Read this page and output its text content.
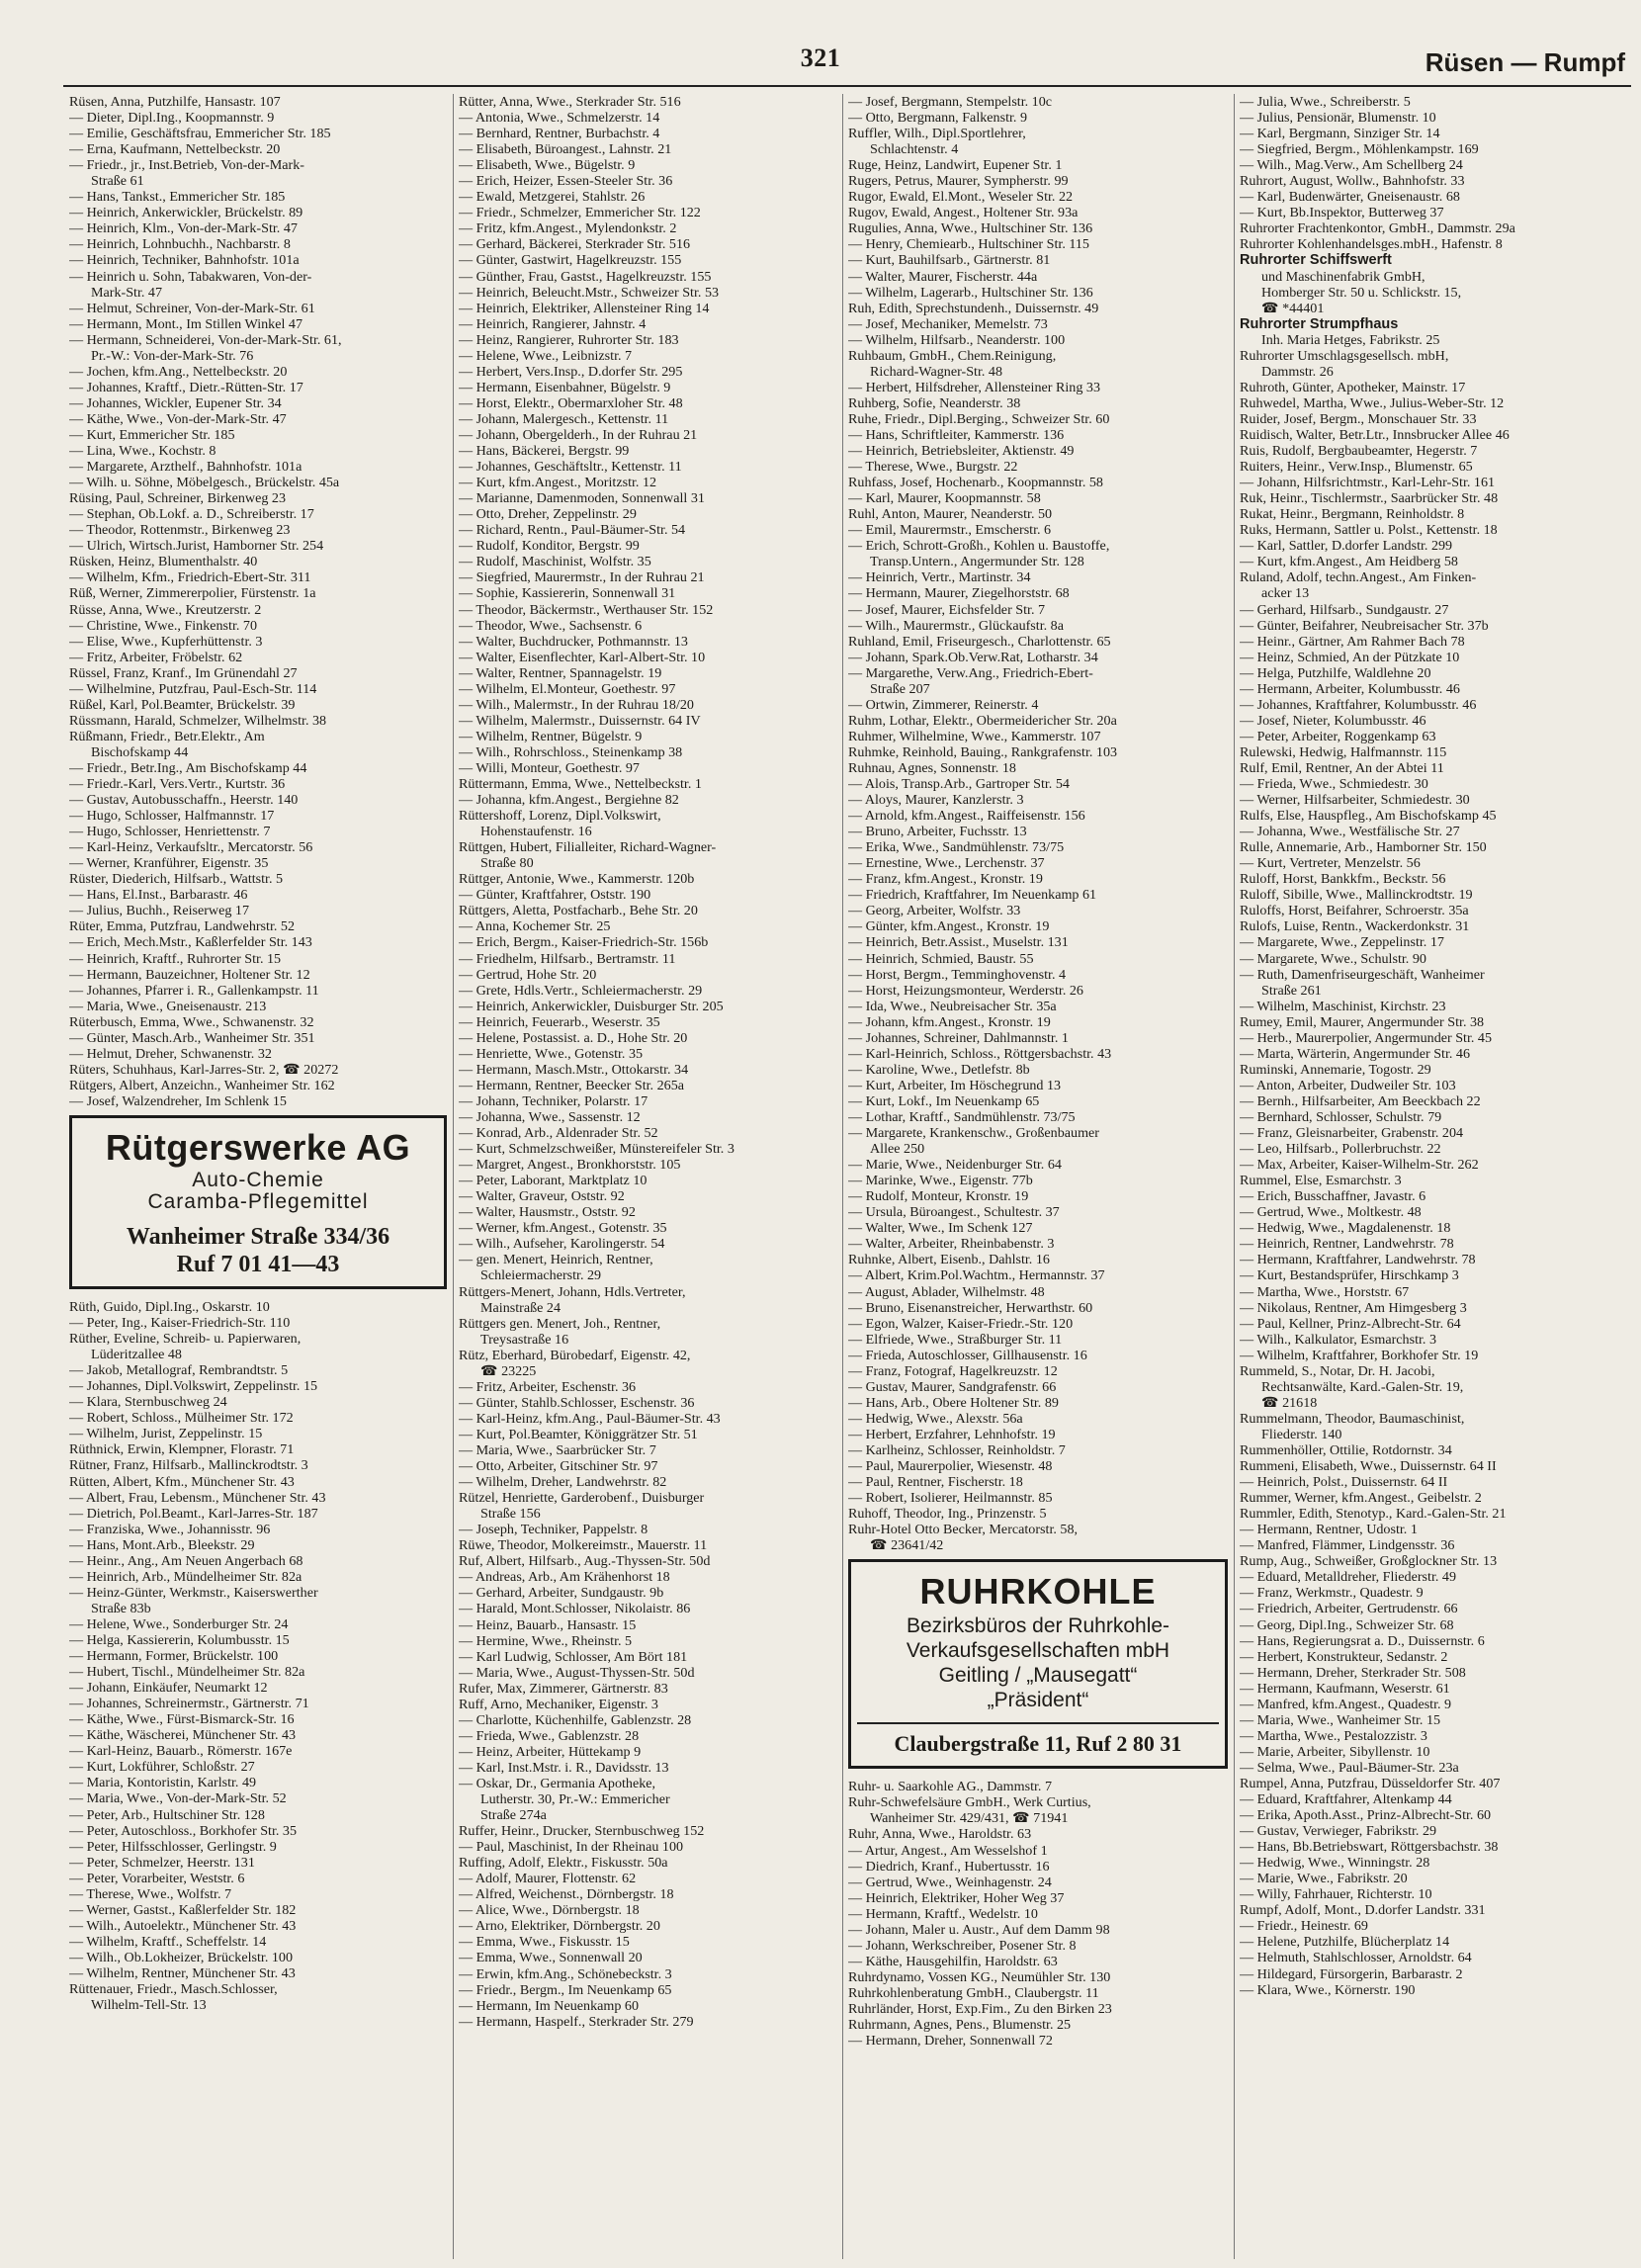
321	Rüsen — Rumpf
Rüsen, Anna, Putzhilfe, Hansastr. 107
— Dieter, Dipl.Ing., Koopmannstr. 9
— Emilie, Geschäftsfrau, Emmericher Str. 185
— Erna, Kaufmann, Nettelbeckstr. 20
— Friedr., jr., Inst.Betrieb, Von-der-Mark-
Straße 61
— Hans, Tankst., Emmericher Str. 185
— Heinrich, Ankerwickler, Brückelstr. 89
— Heinrich, Klm., Von-der-Mark-Str. 47
— Heinrich, Lohnbuchh., Nachbarstr. 8
— Heinrich, Techniker, Bahnhofstr. 101a
— Heinrich u. Sohn, Tabakwaren, Von-der-
Mark-Str. 47
— Helmut, Schreiner, Von-der-Mark-Str. 61
— Hermann, Mont., Im Stillen Winkel 47
— Hermann, Schneiderei, Von-der-Mark-Str. 61,
Pr.-W.: Von-der-Mark-Str. 76
— Jochen, kfm.Ang., Nettelbeckstr. 20
— Johannes, Kraftf., Dietr.-Rütten-Str. 17
— Johannes, Wickler, Eupener Str. 34
— Käthe, Wwe., Von-der-Mark-Str. 47
— Kurt, Emmericher Str. 185
— Lina, Wwe., Kochstr. 8
— Margarete, Arzthelf., Bahnhofstr. 101a
— Wilh. u. Söhne, Möbelgesch., Brückelstr. 45a
Rüsing, Paul, Schreiner, Birkenweg 23
— Stephan, Ob.Lokf. a. D., Schreiberstr. 17
— Theodor, Rottenmstr., Birkenweg 23
— Ulrich, Wirtsch.Jurist, Hamborner Str. 254
Rüsken, Heinz, Blumenthalstr. 40
— Wilhelm, Kfm., Friedrich-Ebert-Str. 311
Rüß, Werner, Zimmererpolier, Fürstenstr. 1a
Rüsse, Anna, Wwe., Kreutzerstr. 2
— Christine, Wwe., Finkenstr. 70
— Elise, Wwe., Kupferhüttenstr. 3
— Fritz, Arbeiter, Fröbelstr. 62
Rüssel, Franz, Kranf., Im Grünendahl 27
— Wilhelmine, Putzfrau, Paul-Esch-Str. 114
Rüßel, Karl, Pol.Beamter, Brückelstr. 39
Rüssmann, Harald, Schmelzer, Wilhelmstr. 38
Rüßmann, Friedr., Betr.Elektr., Am
Bischofskamp 44
— Friedr., Betr.Ing., Am Bischofskamp 44
— Friedr.-Karl, Vers.Vertr., Kurtstr. 36
— Gustav, Autobusschaffn., Heerstr. 140
— Hugo, Schlosser, Halfmannstr. 17
— Hugo, Schlosser, Henriettenstr. 7
— Karl-Heinz, Verkaufsltr., Mercatorstr. 56
— Werner, Kranführer, Eigenstr. 35
Rüster, Diederich, Hilfsarb., Wattstr. 5
— Hans, El.Inst., Barbarastr. 46
— Julius, Buchh., Reiserweg 17
Rüter, Emma, Putzfrau, Landwehrstr. 52
— Erich, Mech.Mstr., Kaßlerfelder Str. 143
— Heinrich, Kraftf., Ruhrorter Str. 15
— Hermann, Bauzeichner, Holtener Str. 12
— Johannes, Pfarrer i. R., Gallenkampstr. 11
— Maria, Wwe., Gneisenaustr. 213
Rüterbusch, Emma, Wwe., Schwanenstr. 32
— Günter, Masch.Arb., Wanheimer Str. 351
— Helmut, Dreher, Schwanenstr. 32
Rüters, Schuhhaus, Karl-Jarres-Str. 2, ☎ 20272
Rütgers, Albert, Anzeichn., Wanheimer Str. 162
— Josef, Walzendreher, Im Schlenk 15
Rütgerswerke AG
Auto-Chemie
Caramba-Pflegemittel
Wanheimer Straße 334/36
Ruf 7 01 41—43
Rüth, Guido, Dipl.Ing., Oskarstr. 10
— Peter, Ing., Kaiser-Friedrich-Str. 110
Rüther, Eveline, Schreib- u. Papierwaren,
Lüderitzallee 48
— Jakob, Metallograf, Rembrandtstr. 5
— Johannes, Dipl.Volkswirt, Zeppelinstr. 15
— Klara, Sternbuschweg 24
— Robert, Schloss., Mülheimer Str. 172
— Wilhelm, Jurist, Zeppelinstr. 15
Rüthnick, Erwin, Klempner, Florastr. 71
Rütner, Franz, Hilfsarb., Mallinckrodtstr. 3
Rütten, Albert, Kfm., Münchener Str. 43
— Albert, Frau, Lebensm., Münchener Str. 43
— Dietrich, Pol.Beamt., Karl-Jarres-Str. 187
— Franziska, Wwe., Johannisstr. 96
— Hans, Mont.Arb., Bleekstr. 29
— Heinr., Ang., Am Neuen Angerbach 68
— Heinrich, Arb., Mündelheimer Str. 82a
— Heinz-Günter, Werkmstr., Kaiserswerther
Straße 83b
— Helene, Wwe., Sonderburger Str. 24
— Helga, Kassiererin, Kolumbusstr. 15
— Hermann, Former, Brückelstr. 100
— Hubert, Tischl., Mündelheimer Str. 82a
— Johann, Einkäufer, Neumarkt 12
— Johannes, Schreinermstr., Gärtnerstr. 71
— Käthe, Wwe., Fürst-Bismarck-Str. 16
— Käthe, Wäscherei, Münchener Str. 43
— Karl-Heinz, Bauarb., Römerstr. 167e
— Kurt, Lokführer, Schloßstr. 27
— Maria, Kontoristin, Karlstr. 49
— Maria, Wwe., Von-der-Mark-Str. 52
— Peter, Arb., Hultschiner Str. 128
— Peter, Autoschloss., Borkhofer Str. 35
— Peter, Hilfsschlosser, Gerlingstr. 9
— Peter, Schmelzer, Heerstr. 131
— Peter, Vorarbeiter, Weststr. 6
— Therese, Wwe., Wolfstr. 7
— Werner, Gastst., Kaßlerfelder Str. 182
— Wilh., Autoelektr., Münchener Str. 43
— Wilhelm, Kraftf., Scheffelstr. 14
— Wilh., Ob.Lokheizer, Brückelstr. 100
— Wilhelm, Rentner, Münchener Str. 43
Rüttenauer, Friedr., Masch.Schlosser,
Wilhelm-Tell-Str. 13
Rütter, Anna, Wwe., Sterkrader Str. 516
— Antonia, Wwe., Schmelzerstr. 14
— Bernhard, Rentner, Burbachstr. 4
— Elisabeth, Büroangest., Lahnstr. 21
— Elisabeth, Wwe., Bügelstr. 9
— Erich, Heizer, Essen-Steeler Str. 36
— Ewald, Metzgerei, Stahlstr. 26
— Friedr., Schmelzer, Emmericher Str. 122
— Fritz, kfm.Angest., Mylendonkstr. 2
— Gerhard, Bäckerei, Sterkrader Str. 516
— Günter, Gastwirt, Hagelkreuzstr. 155
— Günther, Frau, Gastst., Hagelkreuzstr. 155
— Heinrich, Beleucht.Mstr., Schweizer Str. 53
— Heinrich, Elektriker, Allensteiner Ring 14
— Heinrich, Rangierer, Jahnstr. 4
— Heinz, Rangierer, Ruhrorter Str. 183
— Helene, Wwe., Leibnizstr. 7
— Herbert, Vers.Insp., D.dorfer Str. 295
— Hermann, Eisenbahner, Bügelstr. 9
— Horst, Elektr., Obermarxloher Str. 48
— Johann, Malergesch., Kettenstr. 11
— Johann, Obergelderh., In der Ruhrau 21
— Hans, Bäckerei, Bergstr. 99
— Johannes, Geschäftsltr., Kettenstr. 11
— Kurt, kfm.Angest., Moritzstr. 12
— Marianne, Damenmoden, Sonnenwall 31
— Otto, Dreher, Zeppelinstr. 29
— Richard, Rentn., Paul-Bäumer-Str. 54
— Rudolf, Konditor, Bergstr. 99
— Rudolf, Maschinist, Wolfstr. 35
— Siegfried, Maurermstr., In der Ruhrau 21
— Sophie, Kassiererin, Sonnenwall 31
— Theodor, Bäckermstr., Werthauser Str. 152
— Theodor, Wwe., Sachsenstr. 6
— Walter, Buchdrucker, Pothmannstr. 13
— Walter, Eisenflechter, Karl-Albert-Str. 10
— Walter, Rentner, Spannagelstr. 19
— Wilhelm, El.Monteur, Goethestr. 97
— Wilh., Malermstr., In der Ruhrau 18/20
— Wilhelm, Malermstr., Duissernstr. 64 IV
— Wilhelm, Rentner, Bügelstr. 9
— Wilh., Rohrschloss., Steinenkamp 38
— Willi, Monteur, Goethestr. 97
Rüttermann, Emma, Wwe., Nettelbeckstr. 1
— Johanna, kfm.Angest., Bergiehne 82
Rüttershoff, Lorenz, Dipl.Volkswirt,
Hohenstaufenstr. 16
Rüttgen, Hubert, Filialleiter, Richard-Wagner-
Straße 80
Rüttger, Antonie, Wwe., Kammerstr. 120b
— Günter, Kraftfahrer, Oststr. 190
Rüttgers, Aletta, Postfacharb., Behe Str. 20
— Anna, Kochemer Str. 25
— Erich, Bergm., Kaiser-Friedrich-Str. 156b
— Friedhelm, Hilfsarb., Bertramstr. 11
— Gertrud, Hohe Str. 20
— Grete, Hdls.Vertr., Schleiermacherstr. 29
— Heinrich, Ankerwickler, Duisburger Str. 205
— Heinrich, Feuerarb., Weserstr. 35
— Helene, Postassist. a. D., Hohe Str. 20
— Henriette, Wwe., Gotenstr. 35
— Hermann, Masch.Mstr., Ottokarstr. 34
— Hermann, Rentner, Beecker Str. 265a
— Johann, Techniker, Polarstr. 17
— Johanna, Wwe., Sassenstr. 12
— Konrad, Arb., Aldenrader Str. 52
— Kurt, Schmelzschweißer, Münstereifeler Str. 3
— Margret, Angest., Bronkhorststr. 105
— Peter, Laborant, Marktplatz 10
— Walter, Graveur, Oststr. 92
— Walter, Hausmstr., Oststr. 92
— Werner, kfm.Angest., Gotenstr. 35
— Wilh., Aufseher, Karolingerstr. 54
— gen. Menert, Heinrich, Rentner,
Schleiermacherstr. 29
Rüttgers-Menert, Johann, Hdls.Vertreter,
Mainstraße 24
Rüttgers gen. Menert, Joh., Rentner,
Treysastraße 16
Rütz, Eberhard, Bürobedarf, Eigenstr. 42,
☎ 23225
— Fritz, Arbeiter, Eschenstr. 36
— Günter, Stahlb.Schlosser, Eschenstr. 36
— Karl-Heinz, kfm.Ang., Paul-Bäumer-Str. 43
— Kurt, Pol.Beamter, Königgrätzer Str. 51
— Maria, Wwe., Saarbrücker Str. 7
— Otto, Arbeiter, Gitschiner Str. 97
— Wilhelm, Dreher, Landwehrstr. 82
Rützel, Henriette, Garderobenf., Duisburger
Straße 156
— Joseph, Techniker, Pappelstr. 8
Rüwe, Theodor, Molkereimstr., Mauerstr. 11
Ruf, Albert, Hilfsarb., Aug.-Thyssen-Str. 50d
— Andreas, Arb., Am Krähenhorst 18
— Gerhard, Arbeiter, Sundgaustr. 9b
— Harald, Mont.Schlosser, Nikolaistr. 86
— Heinz, Bauarb., Hansastr. 15
— Hermine, Wwe., Rheinstr. 5
— Karl Ludwig, Schlosser, Am Bört 181
— Maria, Wwe., August-Thyssen-Str. 50d
Rufer, Max, Zimmerer, Gärtnerstr. 83
Ruff, Arno, Mechaniker, Eigenstr. 3
— Charlotte, Küchenhilfe, Gablenzstr. 28
— Frieda, Wwe., Gablenzstr. 28
— Heinz, Arbeiter, Hüttekamp 9
— Karl, Inst.Mstr. i. R., Davidsstr. 13
— Oskar, Dr., Germania Apotheke,
Lutherstr. 30, Pr.-W.: Emmericher
Straße 274a
Ruffer, Heinr., Drucker, Sternbuschweg 152
— Paul, Maschinist, In der Rheinau 100
Ruffing, Adolf, Elektr., Fiskusstr. 50a
— Adolf, Maurer, Flottenstr. 62
— Alfred, Weichenst., Dörnbergstr. 18
— Alice, Wwe., Dörnbergstr. 18
— Arno, Elektriker, Dörnbergstr. 20
— Emma, Wwe., Fiskusstr. 15
— Emma, Wwe., Sonnenwall 20
— Erwin, kfm.Ang., Schönebeckstr. 3
— Friedr., Bergm., Im Neuenkamp 65
— Hermann, Im Neuenkamp 60
— Hermann, Haspelf., Sterkrader Str. 279
— Josef, Bergmann, Stempelstr. 10c
— Otto, Bergmann, Falkenstr. 9
Ruffler, Wilh., Dipl.Sportlehrer,
Schlachtenstr. 4
Ruge, Heinz, Landwirt, Eupener Str. 1
Rugers, Petrus, Maurer, Sympherstr. 99
Rugor, Ewald, El.Mont., Weseler Str. 22
Rugov, Ewald, Angest., Holtener Str. 93a
Rugulies, Anna, Wwe., Hultschiner Str. 136
— Henry, Chemiearb., Hultschiner Str. 115
— Kurt, Bauhilfsarb., Gärtnerstr. 81
— Walter, Maurer, Fischerstr. 44a
— Wilhelm, Lagerarb., Hultschiner Str. 136
Ruh, Edith, Sprechstundenh., Duissernstr. 49
— Josef, Mechaniker, Memelstr. 73
— Wilhelm, Hilfsarb., Neanderstr. 100
Ruhbaum, GmbH., Chem.Reinigung,
Richard-Wagner-Str. 48
— Herbert, Hilfsdreher, Allensteiner Ring 33
Ruhberg, Sofie, Neanderstr. 38
Ruhe, Friedr., Dipl.Berging., Schweizer Str. 60
— Hans, Schriftleiter, Kammerstr. 136
— Heinrich, Betriebsleiter, Aktienstr. 49
— Therese, Wwe., Burgstr. 22
Ruhfass, Josef, Hochenarb., Koopmannstr. 58
— Karl, Maurer, Koopmannstr. 58
Ruhl, Anton, Maurer, Neanderstr. 50
— Emil, Maurermstr., Emscherstr. 6
— Erich, Schrott-Großh., Kohlen u. Baustoffe,
Transp.Untern., Angermunder Str. 128
— Heinrich, Vertr., Martinstr. 34
— Hermann, Maurer, Ziegelhorststr. 68
— Josef, Maurer, Eichsfelder Str. 7
— Wilh., Maurermstr., Glückaufstr. 8a
Ruhland, Emil, Friseurgesch., Charlottenstr. 65
— Johann, Spark.Ob.Verw.Rat, Lotharstr. 34
— Margarethe, Verw.Ang., Friedrich-Ebert-
Straße 207
— Ortwin, Zimmerer, Reinerstr. 4
Ruhm, Lothar, Elektr., Obermeidericher Str. 20a
Ruhmer, Wilhelmine, Wwe., Kammerstr. 107
Ruhmke, Reinhold, Bauing., Rankgrafenstr. 103
Ruhnau, Agnes, Sonnenstr. 18
— Alois, Transp.Arb., Gartroper Str. 54
— Aloys, Maurer, Kanzlerstr. 3
— Arnold, kfm.Angest., Raiffeisenstr. 156
— Bruno, Arbeiter, Fuchsstr. 13
— Erika, Wwe., Sandmühlenstr. 73/75
— Ernestine, Wwe., Lerchenstr. 37
— Franz, kfm.Angest., Kronstr. 19
— Friedrich, Kraftfahrer, Im Neuenkamp 61
— Georg, Arbeiter, Wolfstr. 33
— Günter, kfm.Angest., Kronstr. 19
— Heinrich, Betr.Assist., Muselstr. 131
— Heinrich, Schmied, Baustr. 55
— Horst, Bergm., Temminghovenstr. 4
— Horst, Heizungsmonteur, Werderstr. 26
— Ida, Wwe., Neubreisacher Str. 35a
— Johann, kfm.Angest., Kronstr. 19
— Johannes, Schreiner, Dahlmannstr. 1
— Karl-Heinrich, Schloss., Röttgersbachstr. 43
— Karoline, Wwe., Detlefstr. 8b
— Kurt, Arbeiter, Im Höschegrund 13
— Kurt, Lokf., Im Neuenkamp 65
— Lothar, Kraftf., Sandmühlenstr. 73/75
— Margarete, Krankenschw., Großenbaumer
Allee 250
— Marie, Wwe., Neidenburger Str. 64
— Marinke, Wwe., Eigenstr. 77b
— Rudolf, Monteur, Kronstr. 19
— Ursula, Büroangest., Schultestr. 37
— Walter, Wwe., Im Schenk 127
— Walter, Arbeiter, Rheinbabenstr. 3
Ruhnke, Albert, Eisenb., Dahlstr. 16
— Albert, Krim.Pol.Wachtm., Hermannstr. 37
— August, Ablader, Wilhelmstr. 48
— Bruno, Eisenanstreicher, Herwarthstr. 60
— Egon, Walzer, Kaiser-Friedr.-Str. 120
— Elfriede, Wwe., Straßburger Str. 11
— Frieda, Autoschlosser, Gillhausenstr. 16
— Franz, Fotograf, Hagelkreuzstr. 12
— Gustav, Maurer, Sandgrafenstr. 66
— Hans, Arb., Obere Holtener Str. 89
— Hedwig, Wwe., Alexstr. 56a
— Herbert, Erzfahrer, Lehnhofstr. 19
— Karlheinz, Schlosser, Reinholdstr. 7
— Paul, Maurerpolier, Wiesenstr. 48
— Paul, Rentner, Fischerstr. 18
— Robert, Isolierer, Heilmannstr. 85
Ruhoff, Theodor, Ing., Prinzenstr. 5
Ruhr-Hotel Otto Becker, Mercatorstr. 58,
☎ 23641/42
RUHRKOHLE
Bezirksbüros der Ruhrkohle-
Verkaufsgesellschaften mbH
Geitling / „Mausegatt“
„Präsident“
Claubergstraße 11, Ruf 2 80 31
Ruhr- u. Saarkohle AG., Dammstr. 7
Ruhr-Schwefelsäure GmbH., Werk Curtius,
Wanheimer Str. 429/431, ☎ 71941
Ruhr, Anna, Wwe., Haroldstr. 63
— Artur, Angest., Am Wesselshof 1
— Diedrich, Kranf., Hubertusstr. 16
— Gertrud, Wwe., Weinhagenstr. 24
— Heinrich, Elektriker, Hoher Weg 37
— Hermann, Kraftf., Wedelstr. 10
— Johann, Maler u. Austr., Auf dem Damm 98
— Johann, Werkschreiber, Posener Str. 8
— Käthe, Hausgehilfin, Haroldstr. 63
Ruhrdynamo, Vossen KG., Neumühler Str. 130
Ruhrkohlenberatung GmbH., Claubergstr. 11
Ruhrländer, Horst, Exp.Fim., Zu den Birken 23
Ruhrmann, Agnes, Pens., Blumenstr. 25
— Hermann, Dreher, Sonnenwall 72
— Julia, Wwe., Schreiberstr. 5
— Julius, Pensionär, Blumenstr. 10
— Karl, Bergmann, Sinziger Str. 14
— Siegfried, Bergm., Möhlenkampstr. 169
— Wilh., Mag.Verw., Am Schellberg 24
Ruhrort, August, Wollw., Bahnhofstr. 33
— Karl, Budenwärter, Gneisenaustr. 68
— Kurt, Bb.Inspektor, Butterweg 37
Ruhrorter Frachtenkontor, GmbH., Dammstr. 29a
Ruhrorter Kohlenhandelsges.mbH., Hafenstr. 8
Ruhrorter Schiffswerft
und Maschinenfabrik GmbH,
Homberger Str. 50 u. Schlickstr. 15,
☎ *44401
Ruhrorter Strumpfhaus
Inh. Maria Hetges, Fabrikstr. 25
Ruhrorter Umschlagsgesellsch. mbH,
Dammstr. 26
Ruhroth, Günter, Apotheker, Mainstr. 17
Ruhwedel, Martha, Wwe., Julius-Weber-Str. 12
Ruider, Josef, Bergm., Monschauer Str. 33
Ruidisch, Walter, Betr.Ltr., Innsbrucker Allee 46
Ruis, Rudolf, Bergbaubeamter, Hegerstr. 7
Ruiters, Heinr., Verw.Insp., Blumenstr. 65
— Johann, Hilfsrichtmstr., Karl-Lehr-Str. 161
Ruk, Heinr., Tischlermstr., Saarbrücker Str. 48
Rukat, Heinr., Bergmann, Reinholdstr. 8
Ruks, Hermann, Sattler u. Polst., Kettenstr. 18
— Karl, Sattler, D.dorfer Landstr. 299
— Kurt, kfm.Angest., Am Heidberg 58
Ruland, Adolf, techn.Angest., Am Finken-
acker 13
— Gerhard, Hilfsarb., Sundgaustr. 27
— Günter, Beifahrer, Neubreisacher Str. 37b
— Heinr., Gärtner, Am Rahmer Bach 78
— Heinz, Schmied, An der Pützkate 10
— Helga, Putzhilfe, Waldlehne 20
— Hermann, Arbeiter, Kolumbusstr. 46
— Johannes, Kraftfahrer, Kolumbusstr. 46
— Josef, Nieter, Kolumbusstr. 46
— Peter, Arbeiter, Roggenkamp 63
Rulewski, Hedwig, Halfmannstr. 115
Rulf, Emil, Rentner, An der Abtei 11
— Frieda, Wwe., Schmiedestr. 30
— Werner, Hilfsarbeiter, Schmiedestr. 30
Rulfs, Else, Hauspfleg., Am Bischofskamp 45
— Johanna, Wwe., Westfälische Str. 27
Rulle, Annemarie, Arb., Hamborner Str. 150
— Kurt, Vertreter, Menzelstr. 56
Ruloff, Horst, Bankkfm., Beckstr. 56
Ruloff, Sibille, Wwe., Mallinckrodtstr. 19
Ruloffs, Horst, Beifahrer, Schroerstr. 35a
Rulofs, Luise, Rentn., Wackerdonkstr. 31
— Margarete, Wwe., Zeppelinstr. 17
— Margarete, Wwe., Schulstr. 90
— Ruth, Damenfriseurgeschäft, Wanheimer
Straße 261
— Wilhelm, Maschinist, Kirchstr. 23
Rumey, Emil, Maurer, Angermunder Str. 38
— Herb., Maurerpolier, Angermunder Str. 45
— Marta, Wärterin, Angermunder Str. 46
Ruminski, Annemarie, Togostr. 29
— Anton, Arbeiter, Dudweiler Str. 103
— Bernh., Hilfsarbeiter, Am Beeckbach 22
— Bernhard, Schlosser, Schulstr. 79
— Franz, Gleisnarbeiter, Grabenstr. 204
— Leo, Hilfsarb., Pollerbruchstr. 22
— Max, Arbeiter, Kaiser-Wilhelm-Str. 262
Rummel, Else, Esmarchstr. 3
— Erich, Busschaffner, Javastr. 6
— Gertrud, Wwe., Moltkestr. 48
— Hedwig, Wwe., Magdalenenstr. 18
— Heinrich, Rentner, Landwehrstr. 78
— Hermann, Kraftfahrer, Landwehrstr. 78
— Kurt, Bestandsprüfer, Hirschkamp 3
— Martha, Wwe., Horststr. 67
— Nikolaus, Rentner, Am Himgesberg 3
— Paul, Kellner, Prinz-Albrecht-Str. 64
— Wilh., Kalkulator, Esmarchstr. 3
— Wilhelm, Kraftfahrer, Borkhofer Str. 19
Rummeld, S., Notar, Dr. H. Jacobi,
Rechtsanwälte, Kard.-Galen-Str. 19,
☎ 21618
Rummelmann, Theodor, Baumaschinist,
Fliederstr. 140
Rummenhöller, Ottilie, Rotdornstr. 34
Rummeni, Elisabeth, Wwe., Duissernstr. 64 II
— Heinrich, Polst., Duissernstr. 64 II
Rummer, Werner, kfm.Angest., Geibelstr. 2
Rummler, Edith, Stenotyp., Kard.-Galen-Str. 21
— Hermann, Rentner, Udostr. 1
— Manfred, Flämmer, Lindgensstr. 36
Rump, Aug., Schweißer, Großglockner Str. 13
— Eduard, Metalldreher, Fliederstr. 49
— Franz, Werkmstr., Quadestr. 9
— Friedrich, Arbeiter, Gertrudenstr. 66
— Georg, Dipl.Ing., Schweizer Str. 68
— Hans, Regierungsrat a. D., Duissernstr. 6
— Herbert, Konstrukteur, Sedanstr. 2
— Hermann, Dreher, Sterkrader Str. 508
— Hermann, Kaufmann, Weserstr. 61
— Manfred, kfm.Angest., Quadestr. 9
— Maria, Wwe., Wanheimer Str. 15
— Martha, Wwe., Pestalozzistr. 3
— Marie, Arbeiter, Sibyllenstr. 10
— Selma, Wwe., Paul-Bäumer-Str. 23a
Rumpel, Anna, Putzfrau, Düsseldorfer Str. 407
— Eduard, Kraftfahrer, Altenkamp 44
— Erika, Apoth.Asst., Prinz-Albrecht-Str. 60
— Gustav, Verwieger, Fabrikstr. 29
— Hans, Bb.Betriebswart, Röttgersbachstr. 38
— Hedwig, Wwe., Winningstr. 28
— Marie, Wwe., Fabrikstr. 20
— Willy, Fahrhauer, Richterstr. 10
Rumpf, Adolf, Mont., D.dorfer Landstr. 331
— Friedr., Heinestr. 69
— Helene, Putzhilfe, Blücherplatz 14
— Helmuth, Stahlschlosser, Arnoldstr. 64
— Hildegard, Fürsorgerin, Barbarastr. 2
— Klara, Wwe., Körnerstr. 190
